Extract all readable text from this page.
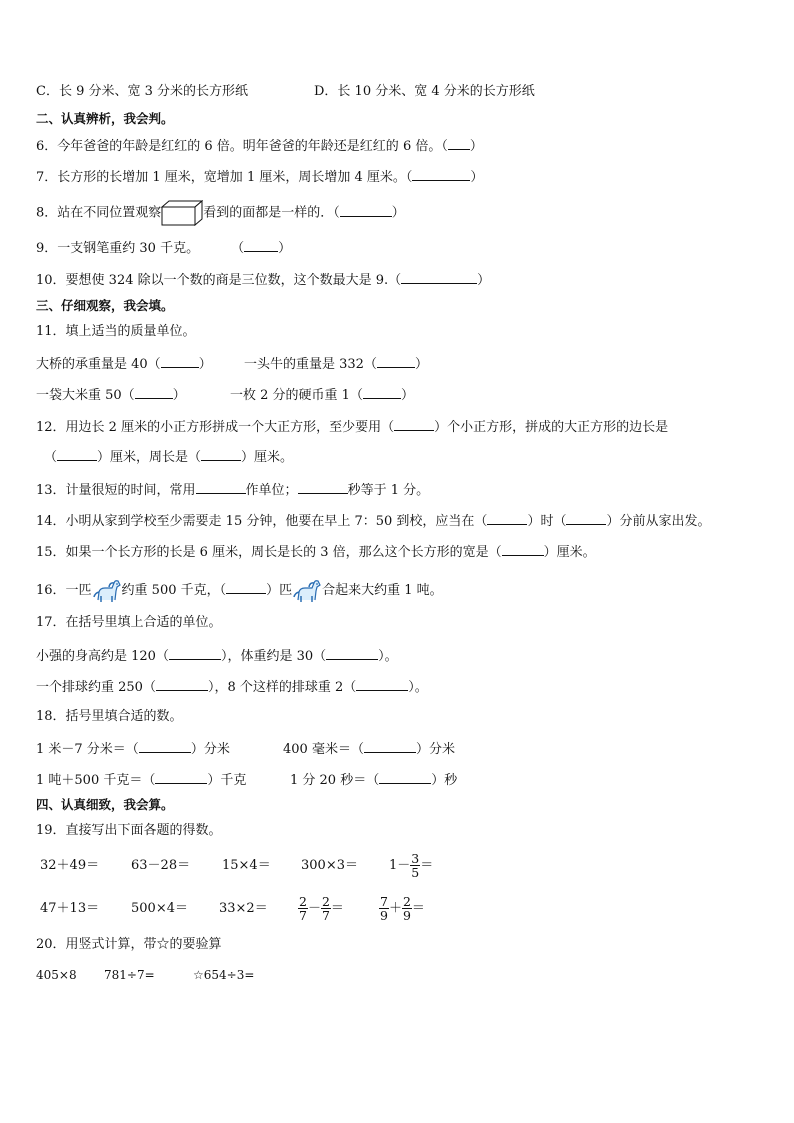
C．长 9 分米、宽 3 分米的长方形纸	D．长 10 分米、宽 4 分米的长方形纸
二、认真辨析，我会判。
6．今年爸爸的年龄是红红的 6 倍。明年爸爸的年龄还是红红的 6 倍。（ ）
7．长方形的长增加 1 厘米，宽增加 1 厘米，周长增加 4 厘米。（	）
8．站在不同位置观察	看到的面都是一样的．（	）
9．一支钢笔重约 30 千克。 （	）
10．要想使 324 除以一个数的商是三位数，这个数最大是 9.（	）
三、仔细观察，我会填。
11．填上适当的质量单位。
大桥的承重量是 40（	） 一头牛的重量是 332（	）
一袋大米重 50（	）	一枚 2 分的硬币重 1（	）
12．用边长 2 厘米的小正方形拼成一个大正方形，至少要用（	）个小正方形，拼成的大正方形的边长是
（	）厘米，周长是（	）厘米。
13．计量很短的时间，常用	作单位；	秒等于 1 分。
14．小明从家到学校至少需要走 15 分钟，他要在早上 7：50 到校，应当在（	）时（	）分前从家出发。
15．如果一个长方形的长是 6 厘米，周长是长的 3 倍，那么这个长方形的宽是（	）厘米。
16．一匹 约重 500 千克，（	）匹 合起来大约重 1 吨。
17．在括号里填上合适的单位。
小强的身高约是 120（	），体重约是 30（	）。
一个排球约重 250（	），8 个这样的排球重 2（	）。
18．括号里填合适的数。
1 米－7 分米＝（	）分米	400 毫米＝（	）分米
1 吨＋500 千克＝（	）千克	1 分 20 秒＝（	）秒
四、认真细致，我会算。
19．直接写出下面各题的得数。
$32+49= 63-28= 15\times 4= 300\times 3= 1- \frac{3}{5}$ ＝
$47+13= 500\times 4= 33\times 2= \frac{2}{7} - \frac{2}{7}$ ＝	$\frac{7}{9} + \frac{2}{9}$ ＝
20．用竖式计算，带☆的要验算
405×8 781÷7=	☆654÷3=
